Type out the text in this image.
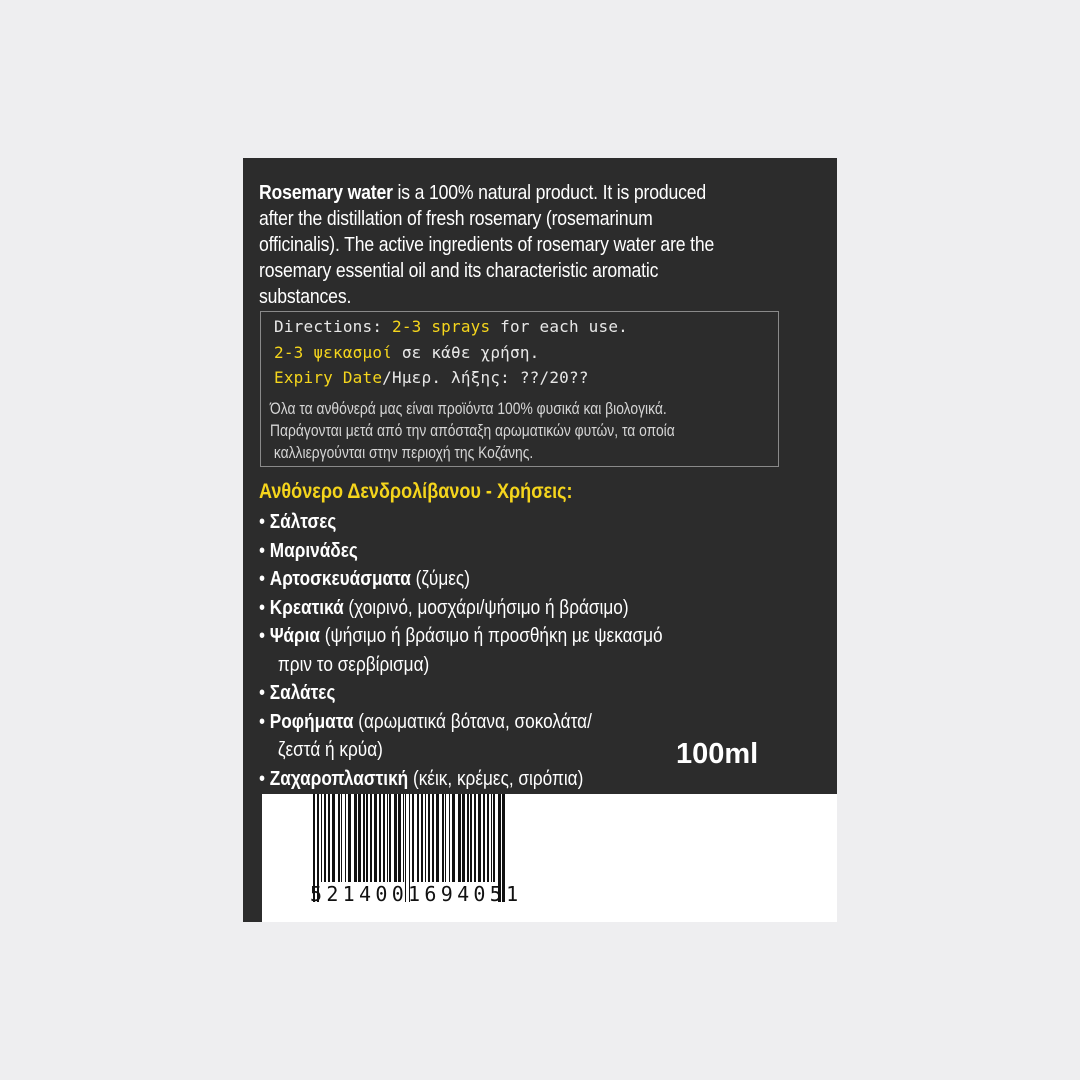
Rosemary water is a 100% natural product. It is produced after the distillation of fresh rosemary (rosemarinum officinalis). The active ingredients of rosemary water are the rosemary essential oil and its characteristic aromatic substances.

Directions: 2-3 sprays for each use.
2-3 ψεκασμοί σε κάθε χρήση.
Expiry Date/Ημερ. λήξης: ??/20??

Όλα τα ανθόνερά μας είναι προϊόντα 100% φυσικά και βιολογικά.
Παράγονται μετά από την απόσταξη αρωματικών φυτών, τα οποία
καλλιεργούνται στην περιοχή της Κοζάνης.

Ανθόνερο Δενδρολίβανου - Χρήσεις:
• Σάλτσες
• Μαρινάδες
• Αρτοσκευάσματα (ζύμες)
• Κρεατικά (χοιρινό, μοσχάρι/ψήσιμο ή βράσιμο)
• Ψάρια (ψήσιμο ή βράσιμο ή προσθήκη με ψεκασμό
πριν το σερβίρισμα)
• Σαλάτες
• Ροφήματα (αρωματικά βότανα, σοκολάτα/
ζεστά ή κρύα)
• Ζαχαροπλαστική (κέικ, κρέμες, σιρόπια)
100ml
5214001694051
